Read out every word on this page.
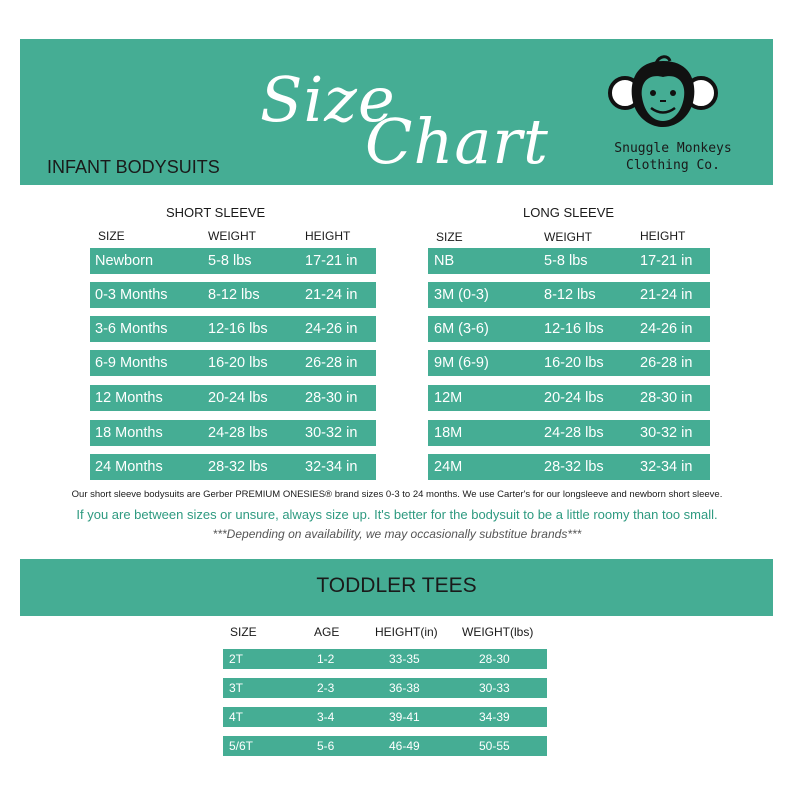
Size
Chart
INFANT BODYSUITS
Snuggle Monkeys
Clothing Co.
SHORT SLEEVE
SIZE	WEIGHT	HEIGHT
Newborn	5-8 lbs	17-21 in
0-3 Months	8-12 lbs	21-24 in
3-6 Months	12-16 lbs	24-26 in
6-9 Months	16-20 lbs	26-28 in
12 Months	20-24 lbs	28-30 in
18 Months	24-28 lbs	30-32 in
24 Months	28-32 lbs	32-34 in
LONG SLEEVE
SIZE	WEIGHT	HEIGHT
NB	5-8 lbs	17-21 in
3M (0-3)	8-12 lbs	21-24 in
6M (3-6)	12-16 lbs	24-26 in
9M (6-9)	16-20 lbs	26-28 in
12M	20-24 lbs	28-30 in
18M	24-28 lbs	30-32 in
24M	28-32 lbs	32-34 in
Our short sleeve bodysuits are Gerber PREMIUM ONESIES® brand sizes 0-3 to 24 months. We use Carter's for our longsleeve and newborn short sleeve.
If you are between sizes or unsure, always size up. It's better for the bodysuit to be a little roomy than too small.
***Depending on availability, we may occasionally substitue brands***
TODDLER TEES
SIZE	AGE	HEIGHT(in) WEIGHT(lbs)
2T	1-2	33-35	28-30
3T	2-3	36-38	30-33
4T	3-4	39-41	34-39
5/6T	5-6	46-49	50-55
